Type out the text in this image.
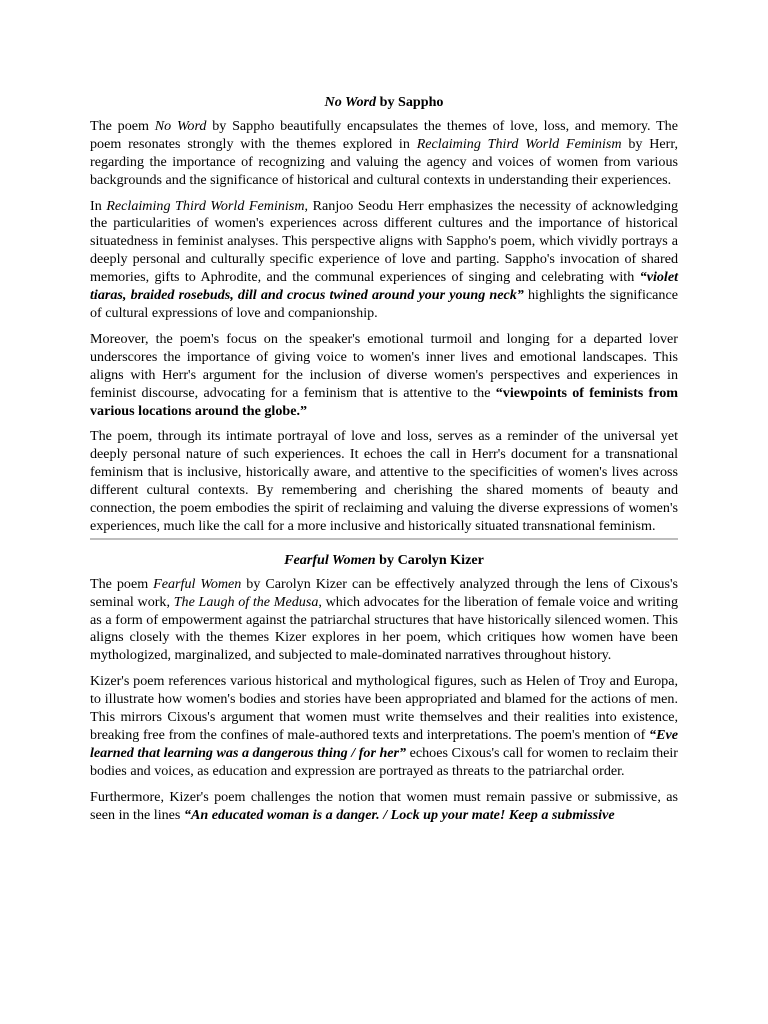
No Word by Sappho

The poem No Word by Sappho beautifully encapsulates the themes of love, loss, and memory. The poem resonates strongly with the themes explored in Reclaiming Third World Feminism by Herr, regarding the importance of recognizing and valuing the agency and voices of women from various backgrounds and the significance of historical and cultural contexts in understanding their experiences.

In Reclaiming Third World Feminism, Ranjoo Seodu Herr emphasizes the necessity of acknowledging the particularities of women's experiences across different cultures and the importance of historical situatedness in feminist analyses. This perspective aligns with Sappho's poem, which vividly portrays a deeply personal and culturally specific experience of love and parting. Sappho's invocation of shared memories, gifts to Aphrodite, and the communal experiences of singing and celebrating with “violet tiaras, braided rosebuds, dill and crocus twined around your young neck” highlights the significance of cultural expressions of love and companionship.

Moreover, the poem's focus on the speaker's emotional turmoil and longing for a departed lover underscores the importance of giving voice to women's inner lives and emotional landscapes. This aligns with Herr's argument for the inclusion of diverse women's perspectives and experiences in feminist discourse, advocating for a feminism that is attentive to the “viewpoints of feminists from various locations around the globe.”

The poem, through its intimate portrayal of love and loss, serves as a reminder of the universal yet deeply personal nature of such experiences. It echoes the call in Herr's document for a transnational feminism that is inclusive, historically aware, and attentive to the specificities of women's lives across different cultural contexts. By remembering and cherishing the shared moments of beauty and connection, the poem embodies the spirit of reclaiming and valuing the diverse expressions of women's experiences, much like the call for a more inclusive and historically situated transnational feminism.

Fearful Women by Carolyn Kizer

The poem Fearful Women by Carolyn Kizer can be effectively analyzed through the lens of Cixous's seminal work, The Laugh of the Medusa, which advocates for the liberation of female voice and writing as a form of empowerment against the patriarchal structures that have historically silenced women. This aligns closely with the themes Kizer explores in her poem, which critiques how women have been mythologized, marginalized, and subjected to male-dominated narratives throughout history.

Kizer's poem references various historical and mythological figures, such as Helen of Troy and Europa, to illustrate how women's bodies and stories have been appropriated and blamed for the actions of men. This mirrors Cixous's argument that women must write themselves and their realities into existence, breaking free from the confines of male-authored texts and interpretations. The poem's mention of “Eve learned that learning was a dangerous thing / for her” echoes Cixous's call for women to reclaim their bodies and voices, as education and expression are portrayed as threats to the patriarchal order.

Furthermore, Kizer's poem challenges the notion that women must remain passive or submissive, as seen in the lines “An educated woman is a danger. / Lock up your mate! Keep a submissive
